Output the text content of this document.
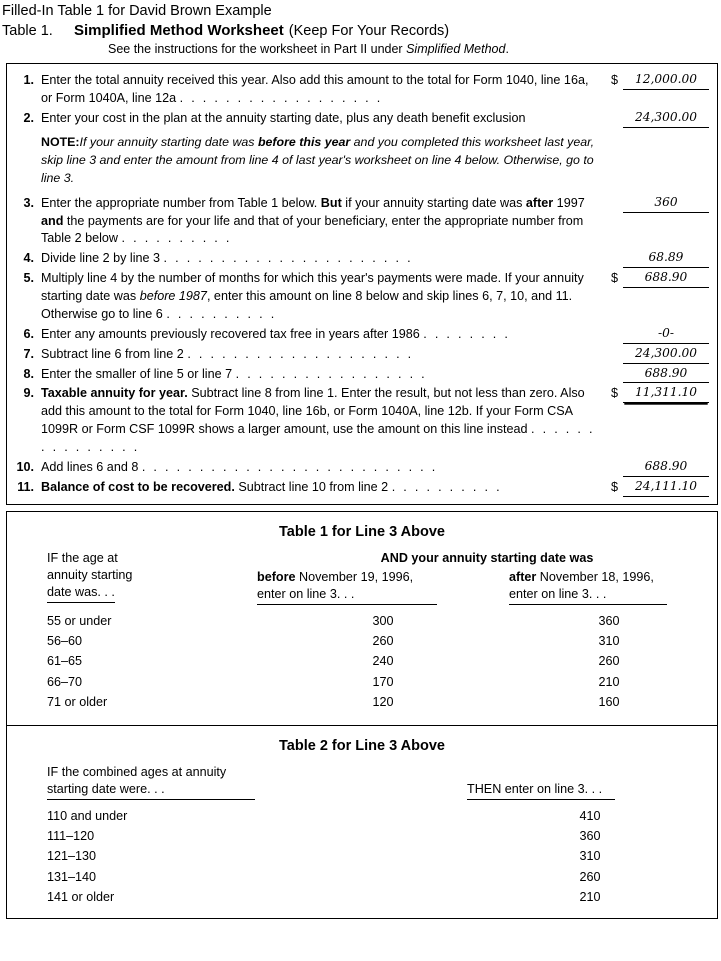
Filled-In Table 1 for David Brown Example
Table 1.	Simplified Method Worksheet (Keep For Your Records)
See the instructions for the worksheet in Part II under Simplified Method.
1. Enter the total annuity received this year. Also add this amount to the total for Form 1040, line 16a, or Form 1040A, line 12a . . . . . . . . . . . . . . . . . .
$	12,000.00
2. Enter your cost in the plan at the annuity starting date, plus any death benefit exclusion	24,300.00
NOTE:If your annuity starting date was before this year and you completed this worksheet last year, skip line 3 and enter the amount from line 4 of last year's worksheet on line 4 below. Otherwise, go to line 3.
3. Enter the appropriate number from Table 1 below. But if your annuity starting date was after 1997 and the payments are for your life and that of your beneficiary, enter the appropriate number from Table 2 below . . . . . . . . . .
360
4. Divide line 2 by line 3 . . . . . . . . . . . . . . . . . . . . . .	68.89
5. Multiply line 4 by the number of months for which this year's payments were made. If your annuity starting date was before 1987, enter this amount on line 8 below and skip lines 6, 7, 10, and 11. Otherwise go to line 6 . . . . . . . . . .
$	688.90
6. Enter any amounts previously recovered tax free in years after 1986 . . . . . . . .	-0-
7. Subtract line 6 from line 2 . . . . . . . . . . . . . . . . . . . .	24,300.00
8. Enter the smaller of line 5 or line 7 . . . . . . . . . . . . . . . . .	688.90
9. Taxable annuity for year. Subtract line 8 from line 1. Enter the result, but not less than zero. Also add this amount to the total for Form 1040, line 16b, or Form 1040A, line 12b. If your Form CSA 1099R or Form CSF 1099R shows a larger amount, use the amount on this line instead . . . . . . . . . . . . . . .
$	11,311.10
10. Add lines 6 and 8 . . . . . . . . . . . . . . . . . . . . . . . . . .	688.90
11. Balance of cost to be recovered. Subtract line 10 from line 2 . . . . . . . . . .	$	24,111.10
Table 1 for Line 3 Above
IF the age at
annuity starting
date was. . .
AND your annuity starting date was
before November 19, 1996,
enter on line 3. . .
after November 18, 1996,
enter on line 3. . .
55 or under	300	360
56–60	260	310
61–65	240	260
66–70	170	210
71 or older	120	160
Table 2 for Line 3 Above
IF the combined ages at annuity
starting date were. . .	THEN enter on line 3. . .
110 and under	410
111–120	360
121–130	310
131–140	260
141 or older	210
